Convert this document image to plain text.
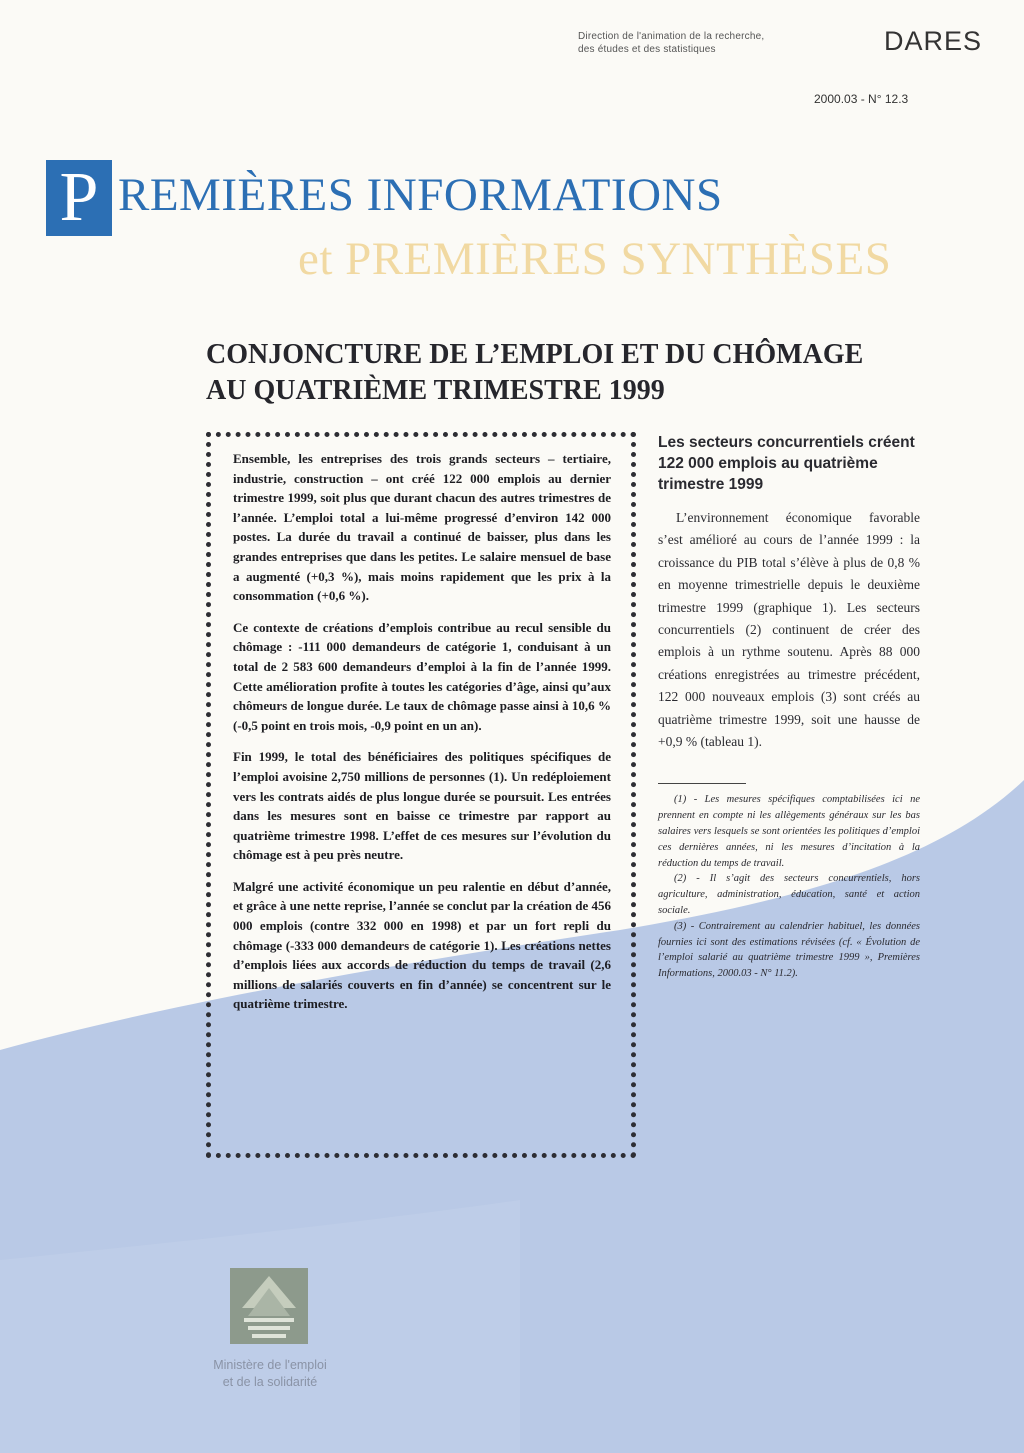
Direction de l'animation de la recherche,
des études et des statistiques	DARES
2000.03 - N° 12.3
P REMIÈRES INFORMATIONS
et PREMIÈRES SYNTHÈSES
CONJONCTURE DE L’EMPLOI ET DU CHÔMAGE
AU QUATRIÈME TRIMESTRE 1999

Ensemble, les entreprises des trois grands secteurs – tertiaire, industrie, construction – ont créé 122 000 emplois au dernier trimestre 1999, soit plus que durant chacun des autres trimestres de l’année. L’emploi total a lui-même progressé d’environ 142 000 postes. La durée du travail a continué de baisser, plus dans les grandes entreprises que dans les petites. Le salaire mensuel de base a augmenté (+0,3 %), mais moins rapidement que les prix à la consommation (+0,6 %).

Ce contexte de créations d’emplois contribue au recul sensible du chômage : -111 000 demandeurs de catégorie 1, conduisant à un total de 2 583 600 demandeurs d’emploi à la fin de l’année 1999. Cette amélioration profite à toutes les catégories d’âge, ainsi qu’aux chômeurs de longue durée. Le taux de chômage passe ainsi à 10,6 % (-0,5 point en trois mois, -0,9 point en un an).

Fin 1999, le total des bénéficiaires des politiques spécifiques de l’emploi avoisine 2,750 millions de personnes (1). Un redéploiement vers les contrats aidés de plus longue durée se poursuit. Les entrées dans les mesures sont en baisse ce trimestre par rapport au quatrième trimestre 1998. L’effet de ces mesures sur l’évolution du chômage est à peu près neutre.

Malgré une activité économique un peu ralentie en début d’année, et grâce à une nette reprise, l’année se conclut par la création de 456 000 emplois (contre 332 000 en 1998) et par un fort repli du chômage (-333 000 demandeurs de catégorie 1). Les créations nettes d’emplois liées aux accords de réduction du temps de travail (2,6 millions de salariés couverts en fin d’année) se concentrent sur le quatrième trimestre.

Les secteurs concurrentiels créent 122 000 emplois au quatrième trimestre 1999

L’environnement économique favorable s’est amélioré au cours de l’année 1999 : la croissance du PIB total s’élève à plus de 0,8 % en moyenne trimestrielle depuis le deuxième trimestre 1999 (graphique 1). Les secteurs concurrentiels (2) continuent de créer des emplois à un rythme soutenu. Après 88 000 créations enregistrées au trimestre précédent, 122 000 nouveaux emplois (3) sont créés au quatrième trimestre 1999, soit une hausse de +0,9 % (tableau 1).

(1) - Les mesures spécifiques comptabilisées ici ne prennent en compte ni les allègements généraux sur les bas salaires vers lesquels se sont orientées les politiques d’emploi ces dernières années, ni les mesures d’incitation à la réduction du temps de travail.

(2) - Il s’agit des secteurs concurrentiels, hors agriculture, administration, éducation, santé et action sociale.

(3) - Contrairement au calendrier habituel, les données fournies ici sont des estimations révisées (cf. « Évolution de l’emploi salarié au quatrième trimestre 1999 », Premières Informations, 2000.03 - N° 11.2).

Ministère de l'emploi
et de la solidarité
